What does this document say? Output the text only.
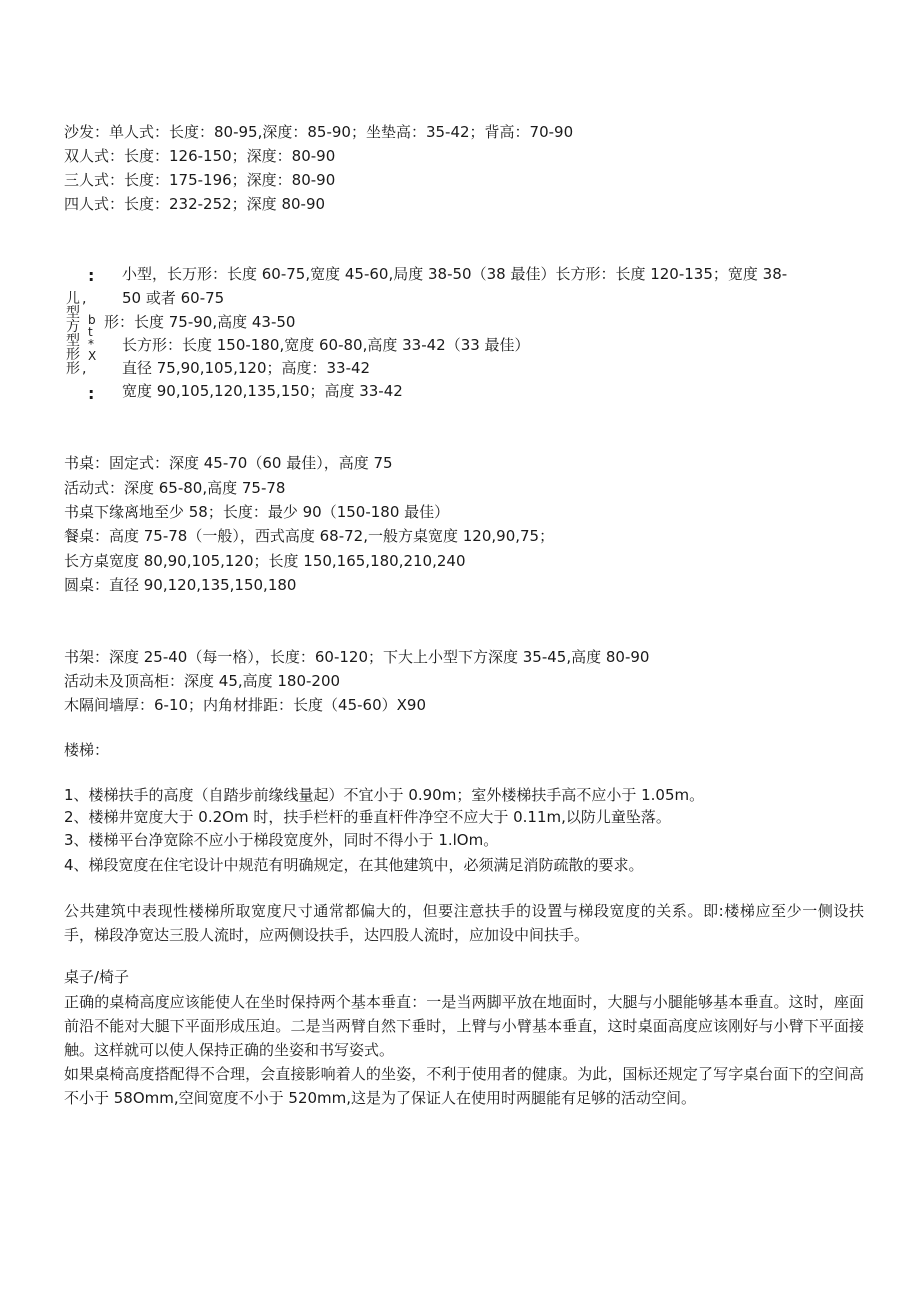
沙发：单人式：长度：80-95,深度：85-90；坐垫高：35-42；背高：70-90
双人式：长度：126-150；深度：80-90
三人式：长度：175-196；深度：80-90
四人式：长度：232-252；深度 80-90
:
儿
型
方
型
形
形
,
,
b
t
*
X
:
小型，长万形：长度 60-75,宽度 45-60,局度 38-50（38 最佳）长方形：长度 120-135；宽度 38-
50 或者 60-75
形：长度 75-90,高度 43-50
长方形：长度 150-180,宽度 60-80,高度 33-42（33 最佳）
直径 75,90,105,120；高度：33-42
宽度 90,105,120,135,150；高度 33-42
书桌：固定式：深度 45-70（60 最佳），高度 75
活动式：深度 65-80,高度 75-78
书桌下缘离地至少 58；长度：最少 90（150-180 最佳）
餐桌：高度 75-78（一般），西式高度 68-72,一般方桌宽度 120,90,75；
长方桌宽度 80,90,105,120；长度 150,165,180,210,240
圆桌：直径 90,120,135,150,180
书架：深度 25-40（每一格），长度：60-120；下大上小型下方深度 35-45,高度 80-90
活动未及顶高柜：深度 45,高度 180-200
木隔间墙厚：6-10；内角材排距：长度（45-60）X90
楼梯：
1、楼梯扶手的高度（自踏步前缘线量起）不宜小于 0.90m；室外楼梯扶手高不应小于 1.05m。
2、楼梯井宽度大于 0.2Om 时，扶手栏杆的垂直杆件净空不应大于 0.11m,以防儿童坠落。
3、楼梯平台净宽除不应小于梯段宽度外，同时不得小于 1.lOm。
4、梯段宽度在住宅设计中规范有明确规定，在其他建筑中，必须满足消防疏散的要求。
公共建筑中表现性楼梯所取宽度尺寸通常都偏大的，但要注意扶手的设置与梯段宽度的关系。即:楼梯应至少一侧设扶手，梯段净宽达三股人流时，应两侧设扶手，达四股人流时，应加设中间扶手。
桌子/椅子
正确的桌椅高度应该能使人在坐时保持两个基本垂直：一是当两脚平放在地面时，大腿与小腿能够基本垂直。这时，座面前沿不能对大腿下平面形成压迫。二是当两臂自然下垂时，上臂与小臂基本垂直，这时桌面高度应该刚好与小臂下平面接触。这样就可以使人保持正确的坐姿和书写姿式。
如果桌椅高度搭配得不合理，会直接影响着人的坐姿，不利于使用者的健康。为此，国标还规定了写字桌台面下的空间高不小于 58Omm,空间宽度不小于 520mm,这是为了保证人在使用时两腿能有足够的活动空间。
